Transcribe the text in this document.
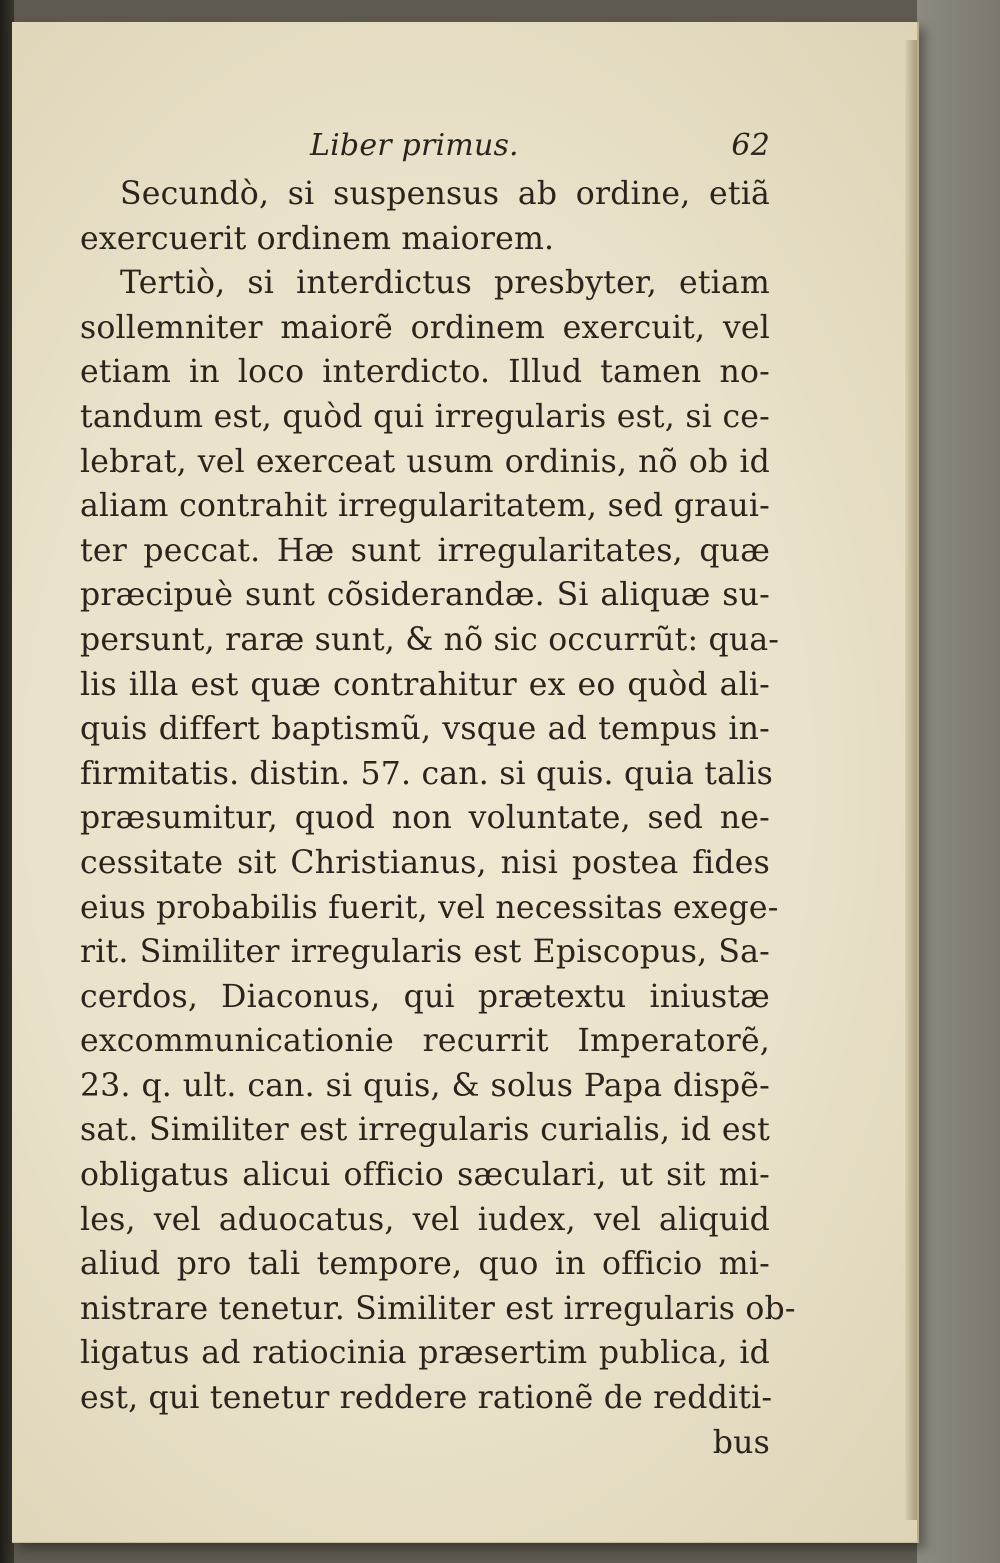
Liber primus.	62
Secundò, si suspensus ab ordine, etiã
exercuerit ordinem maiorem.
Tertiò, si interdictus presbyter, etiam
sollemniter maiorẽ ordinem exercuit, vel
etiam in loco interdicto. Illud tamen no-
tandum est, quòd qui irregularis est, si ce-
lebrat, vel exerceat usum ordinis, nõ ob id
aliam contrahit irregularitatem, sed graui-
ter peccat. Hæ sunt irregularitates, quæ
præcipuè sunt cõsiderandæ. Si aliquæ su-
persunt, raræ sunt, & nõ sic occurrũt: qua-
lis illa est quæ contrahitur ex eo quòd ali-
quis differt baptismũ, vsque ad tempus in-
firmitatis. distin. 57. can. si quis. quia talis
præsumitur, quod non voluntate, sed ne-
cessitate sit Christianus, nisi postea fides
eius probabilis fuerit, vel necessitas exege-
rit. Similiter irregularis est Episcopus, Sa-
cerdos, Diaconus, qui prætextu iniustæ
excommunicationie recurrit Imperatorẽ,
23. q. ult. can. si quis, & solus Papa dispẽ-
sat. Similiter est irregularis curialis, id est
obligatus alicui officio sæculari, ut sit mi-
les, vel aduocatus, vel iudex, vel aliquid
aliud pro tali tempore, quo in officio mi-
nistrare tenetur. Similiter est irregularis ob-
ligatus ad ratiocinia præsertim publica, id
est, qui tenetur reddere rationẽ de redditi-
bus
